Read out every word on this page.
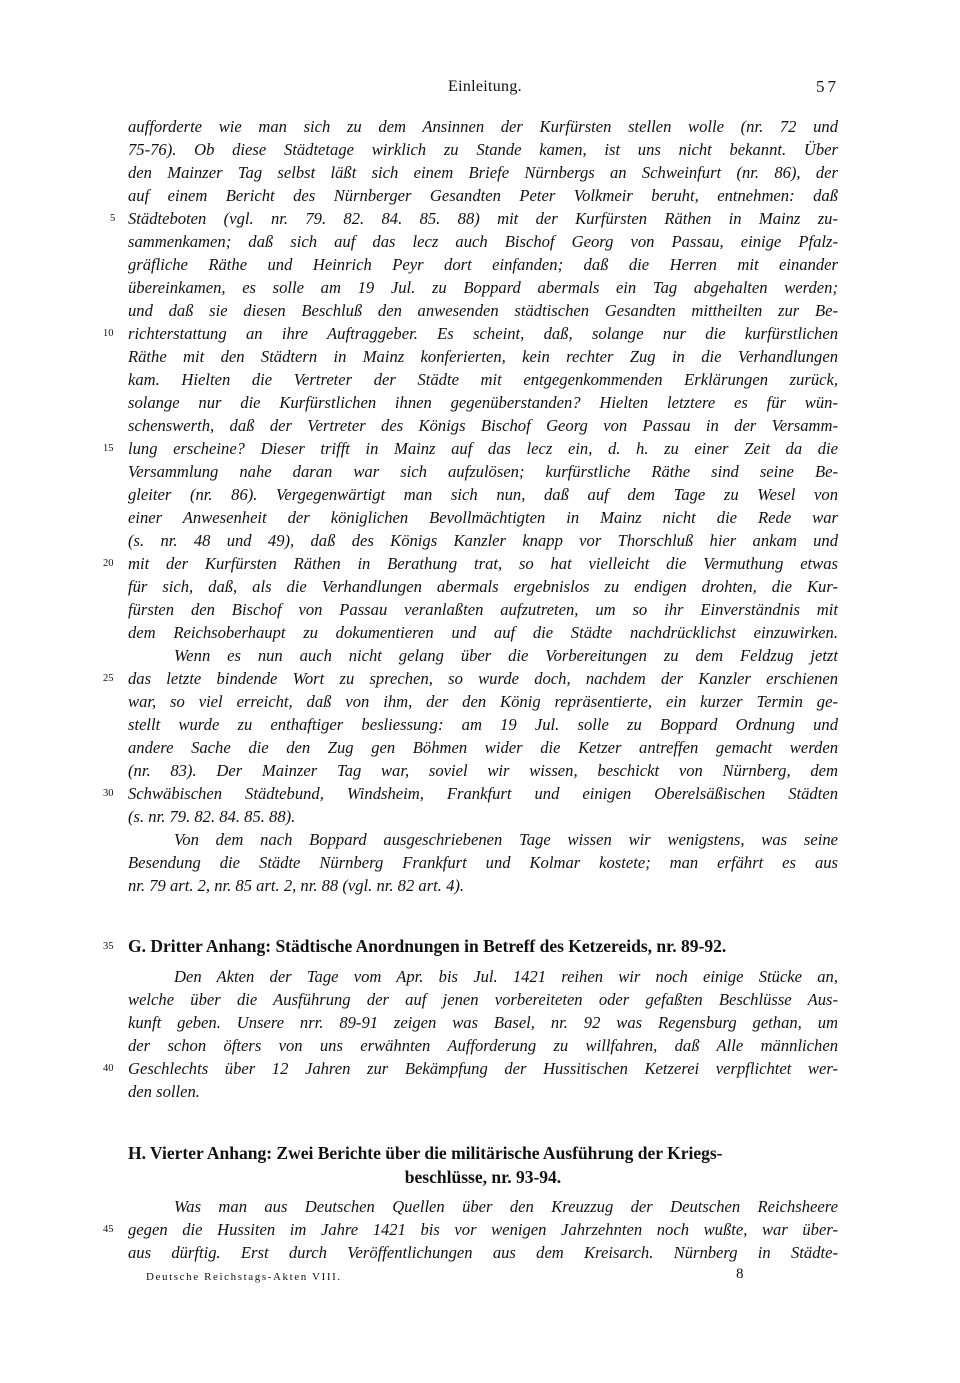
Einleitung.	57
aufforderte wie man sich zu dem Ansinnen der Kurfürsten stellen wolle (nr. 72 und
75-76). Ob diese Städtetage wirklich zu Stande kamen, ist uns nicht bekannt. Über
den Mainzer Tag selbst läßt sich einem Briefe Nürnbergs an Schweinfurt (nr. 86), der
auf einem Bericht des Nürnberger Gesandten Peter Volkmeir beruht, entnehmen: daß
Städteboten (vgl. nr. 79. 82. 84. 85. 88) mit der Kurfürsten Räthen in Mainz zu-
sammenkamen; daß sich auf das lecz auch Bischof Georg von Passau, einige Pfalz-
gräfliche Räthe und Heinrich Peyr dort einfanden; daß die Herren mit einander
übereinkamen, es solle am 19 Jul. zu Boppard abermals ein Tag abgehalten werden;
und daß sie diesen Beschluß den anwesenden städtischen Gesandten mittheilten zur Be-
richterstattung an ihre Auftraggeber. Es scheint, daß, solange nur die kurfürstlichen
Räthe mit den Städtern in Mainz konferierten, kein rechter Zug in die Verhandlungen
kam. Hielten die Vertreter der Städte mit entgegenkommenden Erklärungen zurück,
solange nur die Kurfürstlichen ihnen gegenüberstanden? Hielten letztere es für wün-
schenswerth, daß der Vertreter des Königs Bischof Georg von Passau in der Versamm-
lung erscheine? Dieser trifft in Mainz auf das lecz ein, d. h. zu einer Zeit da die
Versammlung nahe daran war sich aufzulösen; kurfürstliche Räthe sind seine Be-
gleiter (nr. 86). Vergegenwärtigt man sich nun, daß auf dem Tage zu Wesel von
einer Anwesenheit der königlichen Bevollmächtigten in Mainz nicht die Rede war
(s. nr. 48 und 49), daß des Königs Kanzler knapp vor Thorschluß hier ankam und
mit der Kurfürsten Räthen in Berathung trat, so hat vielleicht die Vermuthung etwas
für sich, daß, als die Verhandlungen abermals ergebnislos zu endigen drohten, die Kur-
fürsten den Bischof von Passau veranlaßten aufzutreten, um so ihr Einverständnis mit
dem Reichsoberhaupt zu dokumentieren und auf die Städte nachdrücklichst einzuwirken.
Wenn es nun auch nicht gelang über die Vorbereitungen zu dem Feldzug jetzt
das letzte bindende Wort zu sprechen, so wurde doch, nachdem der Kanzler erschienen
war, so viel erreicht, daß von ihm, der den König repräsentierte, ein kurzer Termin ge-
stellt wurde zu enthaftiger besliessung: am 19 Jul. solle zu Boppard Ordnung und
andere Sache die den Zug gen Böhmen wider die Ketzer antreffen gemacht werden
(nr. 83). Der Mainzer Tag war, soviel wir wissen, beschickt von Nürnberg, dem
Schwäbischen Städtebund, Windsheim, Frankfurt und einigen Oberelsäßischen Städten
(s. nr. 79. 82. 84. 85. 88).
Von dem nach Boppard ausgeschriebenen Tage wissen wir wenigstens, was seine
Besendung die Städte Nürnberg Frankfurt und Kolmar kostete; man erfährt es aus
nr. 79 art. 2, nr. 85 art. 2, nr. 88 (vgl. nr. 82 art. 4).
G. Dritter Anhang: Städtische Anordnungen in Betreff des Ketzereids, nr. 89-92.
Den Akten der Tage vom Apr. bis Jul. 1421 reihen wir noch einige Stücke an,
welche über die Ausführung der auf jenen vorbereiteten oder gefaßten Beschlüsse Aus-
kunft geben. Unsere nrr. 89-91 zeigen was Basel, nr. 92 was Regensburg gethan, um
der schon öfters von uns erwähnten Aufforderung zu willfahren, daß Alle männlichen
Geschlechts über 12 Jahren zur Bekämpfung der Hussitischen Ketzerei verpflichtet wer-
den sollen.
H. Vierter Anhang: Zwei Berichte über die militärische Ausführung der Kriegs-
beschlüsse, nr. 93-94.
Was man aus Deutschen Quellen über den Kreuzzug der Deutschen Reichsheere
gegen die Hussiten im Jahre 1421 bis vor wenigen Jahrzehnten noch wußte, war über-
aus dürftig. Erst durch Veröffentlichungen aus dem Kreisarch. Nürnberg in Städte-
5
10
15
20
25
30
35
40
45
Deutsche Reichstags-Akten VIII.	8
